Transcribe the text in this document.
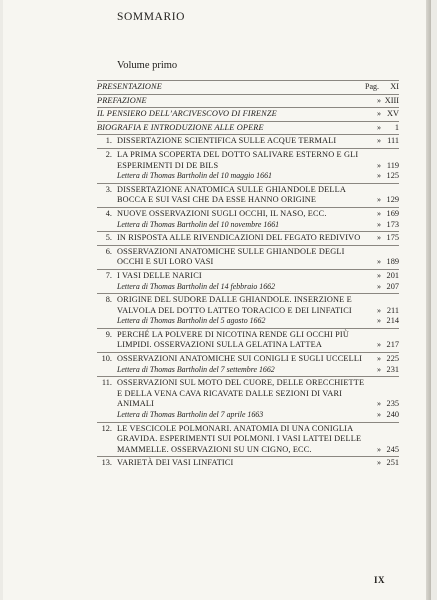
SOMMARIO
Volume primo
PRESENTAZIONE	Pag.	XI
PREFAZIONE	» XIII
IL PENSIERO DELL’ARCIVESCOVO DI FIRENZE	» XV
BIOGRAFIA E INTRODUZIONE ALLE OPERE	»	1
1. DISSERTAZIONE SCIENTIFICA SULLE ACQUE TERMALI	» 111
2. LA PRIMA SCOPERTA DEL DOTTO SALIVARE ESTERNO E GLI ESPERIMENTI DI DE BILS	» 119
Lettera di Thomas Bartholin del 10 maggio 1661	» 125
3. DISSERTAZIONE ANATOMICA SULLE GHIANDOLE DELLA BOCCA E SUI VASI CHE DA ESSE HANNO ORIGINE	» 129
4. NUOVE OSSERVAZIONI SUGLI OCCHI, IL NASO, ECC.	» 169
Lettera di Thomas Bartholin del 10 novembre 1661	» 173
5. IN RISPOSTA ALLE RIVENDICAZIONI DEL FEGATO REDIVIVO	» 175
6. OSSERVAZIONI ANATOMICHE SULLE GHIANDOLE DEGLI OCCHI E SUI LORO VASI	» 189
7. I VASI DELLE NARICI	» 201
Lettera di Thomas Bartholin del 14 febbraio 1662	» 207
8. ORIGINE DEL SUDORE DALLE GHIANDOLE. INSERZIONE E VALVOLA DEL DOTTO LATTEO TORACICO E DEI LINFATICI	» 211
Lettera di Thomas Bartholin del 5 agosto 1662	» 214
9. PERCHÉ LA POLVERE DI NICOTINA RENDE GLI OCCHI PIÙ LIMPIDI. OSSERVAZIONI SULLA GELATINA LATTEA	» 217
10. OSSERVAZIONI ANATOMICHE SUI CONIGLI E SUGLI UCCELLI	» 225
Lettera di Thomas Bartholin del 7 settembre 1662	» 231
11. OSSERVAZIONI SUL MOTO DEL CUORE, DELLE ORECCHIETTE E DELLA VENA CAVA RICAVATE DALLE SEZIONI DI VARI ANIMALI	» 235
Lettera di Thomas Bartholin del 7 aprile 1663	» 240
12. LE VESCICOLE POLMONARI. ANATOMIA DI UNA CONIGLIA GRAVIDA. ESPERIMENTI SUI POLMONI. I VASI LATTEI DELLE MAMMELLE. OSSERVAZIONI SU UN CIGNO, ECC.	» 245
13. VARIETÀ DEI VASI LINFATICI	» 251
IX
